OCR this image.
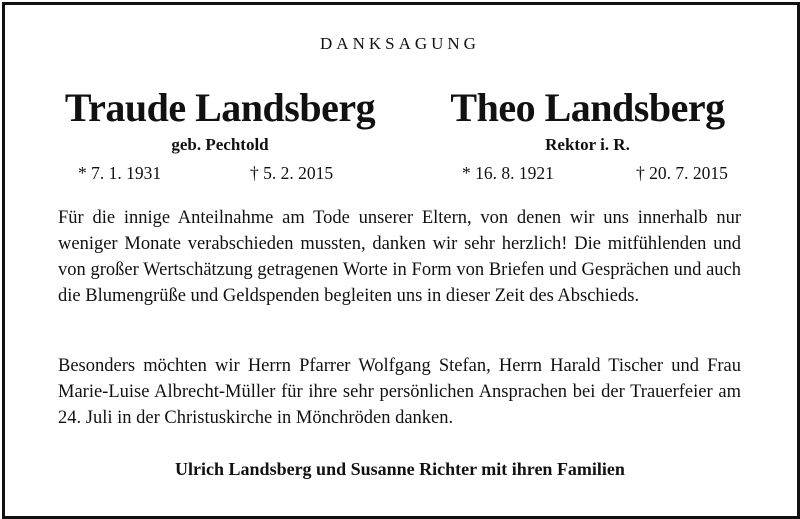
DANKSAGUNG
Traude Landsberg
geb. Pechtold
* 7. 1. 1931	† 5. 2. 2015	* 16. 8. 1921	† 20. 7. 2015
Theo Landsberg
Rektor i. R.
Für die innige Anteilnahme am Tode unserer Eltern, von denen wir uns innerhalb nur weniger Monate verabschieden mussten, danken wir sehr herzlich! Die mitfühlenden und von großer Wertschätzung getragenen Worte in Form von Briefen und Gesprächen und auch die Blumengrüße und Geldspenden begleiten uns in dieser Zeit des Abschieds.
Besonders möchten wir Herrn Pfarrer Wolfgang Stefan, Herrn Harald Tischer und Frau Marie-Luise Albrecht-Müller für ihre sehr persönlichen Ansprachen bei der Trauerfeier am 24. Juli in der Christuskirche in Mönchröden danken.
Ulrich Landsberg und Susanne Richter mit ihren Familien
